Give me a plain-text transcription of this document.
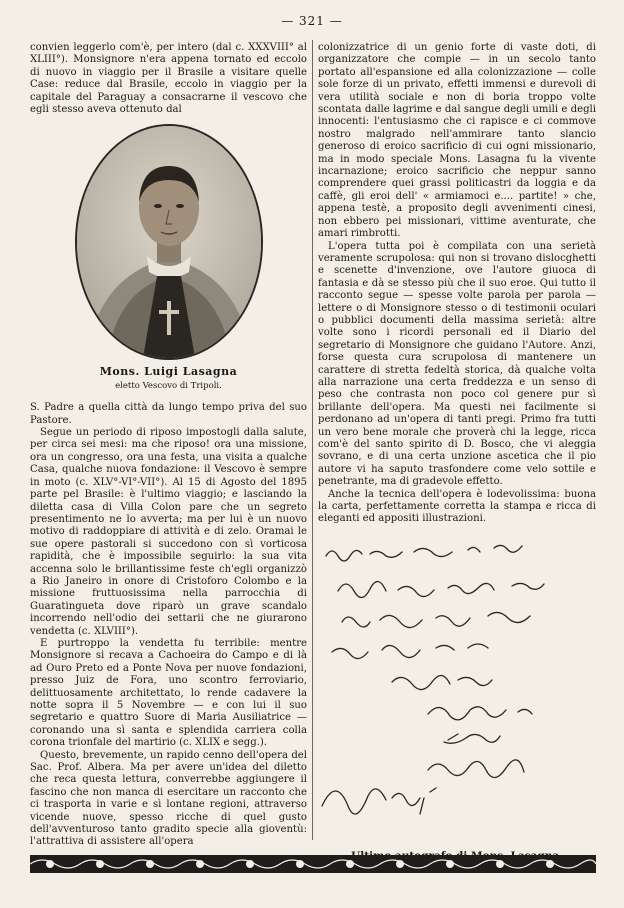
— 321 —

convien leggerlo com'è, per intero (dal c. XXXVIII° al XLIII°). Monsignore n'era appena tornato ed eccolo di nuovo in viaggio per il Brasile a visitare quelle Case: reduce dal Brasile, eccolo in viaggio per la capitale del Paraguay a consacrarne il vescovo che egli stesso aveva ottenuto dal

Mons. Luigi Lasagna
eletto Vescovo di Tripoli.

S. Padre a quella città da lungo tempo priva del suo Pastore.

Segue un periodo di riposo impostogli dalla salute, per circa sei mesi: ma che riposo! ora una missione, ora un congresso, ora una festa, una visita a qualche Casa, qualche nuova fondazione: il Vescovo è sempre in moto (c. XLV°-VI°-VII°). Al 15 di Agosto del 1895 parte pel Brasile: è l'ultimo viaggio; e lasciando la diletta casa di Villa Colon pare che un segreto presentimento ne lo avverta; ma per lui è un nuovo motivo di raddoppiare di attività e di zelo. Oramai le sue opere pastorali si succedono con sì vorticosa rapidità, che è impossibile seguirlo: la sua vita accenna solo le brillantissime feste ch'egli organizzò a Rio Janeiro in onore di Cristoforo Colombo e la missione fruttuosissima nella parrocchia di Guaratingueta dove riparò un grave scandalo incorrendo nell'odio dei settarii che ne giurarono vendetta (c. XLVIII°).

E purtroppo la vendetta fu terribile: mentre Monsignore si recava a Cachoeira do Campo e di là ad Ouro Preto ed a Ponte Nova per nuove fondazioni, presso Juiz de Fora, uno scontro ferroviario, delittuosamente architettato, lo rende cadavere la notte sopra il 5 Novembre — e con lui il suo segretario e quattro Suore di Maria Ausiliatrice — coronando una sì santa e splendida carriera colla corona trionfale del martirio (c. XLIX e segg.).

Questo, brevemente, un rapido cenno dell'opera del Sac. Prof. Albera. Ma per avere un'idea del diletto che reca questa lettura, converrebbe aggiungere il fascino che non manca di esercitare un racconto che ci trasporta in varie e sì lontane regioni, attraverso vicende nuove, spesso ricche di quel gusto dell'avventuroso tanto gradito specie alla gioventù: l'attrattiva di assistere all'opera

colonizzatrice di un genio forte di vaste doti, di organizzatore che compie — in un secolo tanto portato all'espansione ed alla colonizzazione — colle sole forze di un privato, effetti immensi e durevoli di vera utilità sociale e non di boria troppo volte scontata dalle lagrime e dal sangue degli umili e degli innocenti: l'entusiasmo che ci rapisce e ci commove nostro malgrado nell'ammirare tanto slancio generoso di eroico sacrificio di cui ogni missionario, ma in modo speciale Mons. Lasagna fu la vivente incarnazione; eroico sacrificio che neppur sanno comprendere quei grassi politicastri da loggia e da caffè, gli eroi dell' « armiamoci e.... partite! » che, appena testè, a proposito degli avvenimenti cinesi, non ebbero pei missionari, vittime aventurate, che amari rimbrotti.

L'opera tutta poi è compilata con una serietà veramente scrupolosa: qui non si trovano dislocghetti e scenette d'invenzione, ove l'autore giuoca di fantasia e dà se stesso più che il suo eroe. Qui tutto il racconto segue — spesse volte parola per parola — lettere o di Monsignore stesso o di testimonii oculari o pubblici documenti della massima serietà: altre volte sono i ricordi personali ed il Diario del segretario di Monsignore che guidano l'Autore. Anzi, forse questa cura scrupolosa di mantenere un carattere di stretta fedeltà storica, dà qualche volta alla narrazione una certa freddezza e un senso di peso che contrasta non poco col genere pur sì brillante dell'opera. Ma questi nei facilmente si perdonano ad un'opera di tanti pregi. Primo fra tutti un vero bene morale che proverà chi la legge, ricca com'è del santo spirito di D. Bosco, che vi aleggia sovrano, e di una certa unzione ascetica che il pio autore vi ha saputo trasfondere come velo sottile e penetrante, ma di gradevole effetto.

Anche la tecnica dell'opera è lodevolissima: buona la carta, perfettamente corretta la stampa e ricca di eleganti ed appositi illustrazioni.
